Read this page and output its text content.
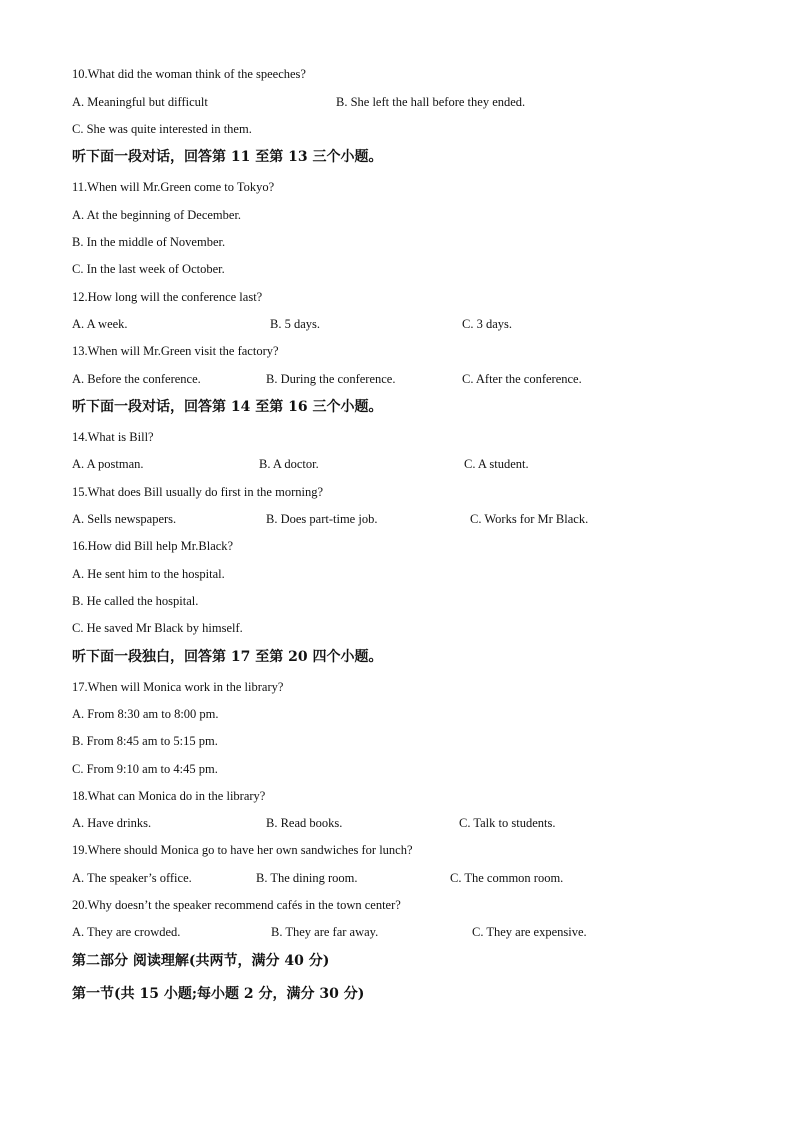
10.What did the woman think of the speeches?
A. Meaningful but difficult	B. She left the hall before they ended.
C. She was quite interested in them.
听下面一段对话，回答第 11 至第 13 三个小题。
11.When will Mr.Green come to Tokyo?
A. At the beginning of December.
B. In the middle of November.
C. In the last week of October.
12.How long will the conference last?
A. A week.	B. 5 days.	C. 3 days.
13.When will Mr.Green visit the factory?
A. Before the conference.	B. During the conference.	C. After the conference.
听下面一段对话，回答第 14 至第 16 三个小题。
14.What is Bill?
A. A postman.	B. A doctor.	C. A student.
15.What does Bill usually do first in the morning?
A. Sells newspapers.	B. Does part-time job.	C. Works for Mr Black.
16.How did Bill help Mr.Black?
A. He sent him to the hospital.
B. He called the hospital.
C. He saved Mr Black by himself.
听下面一段独白，回答第 17 至第 20 四个小题。
17.When will Monica work in the library?
A. From 8:30 am to 8:00 pm.
B. From 8:45 am to 5:15 pm.
C. From 9:10 am to 4:45 pm.
18.What can Monica do in the library?
A. Have drinks.	B. Read books.	C. Talk to students.
19.Where should Monica go to have her own sandwiches for lunch?
A. The speaker’s office.	B. The dining room.	C. The common room.
20.Why doesn’t the speaker recommend cafés in the town center?
A. They are crowded.	B. They are far away.	C. They are expensive.
第二部分 阅读理解(共两节，满分 40 分)
第一节(共 15 小题;每小题 2 分，满分 30 分)
